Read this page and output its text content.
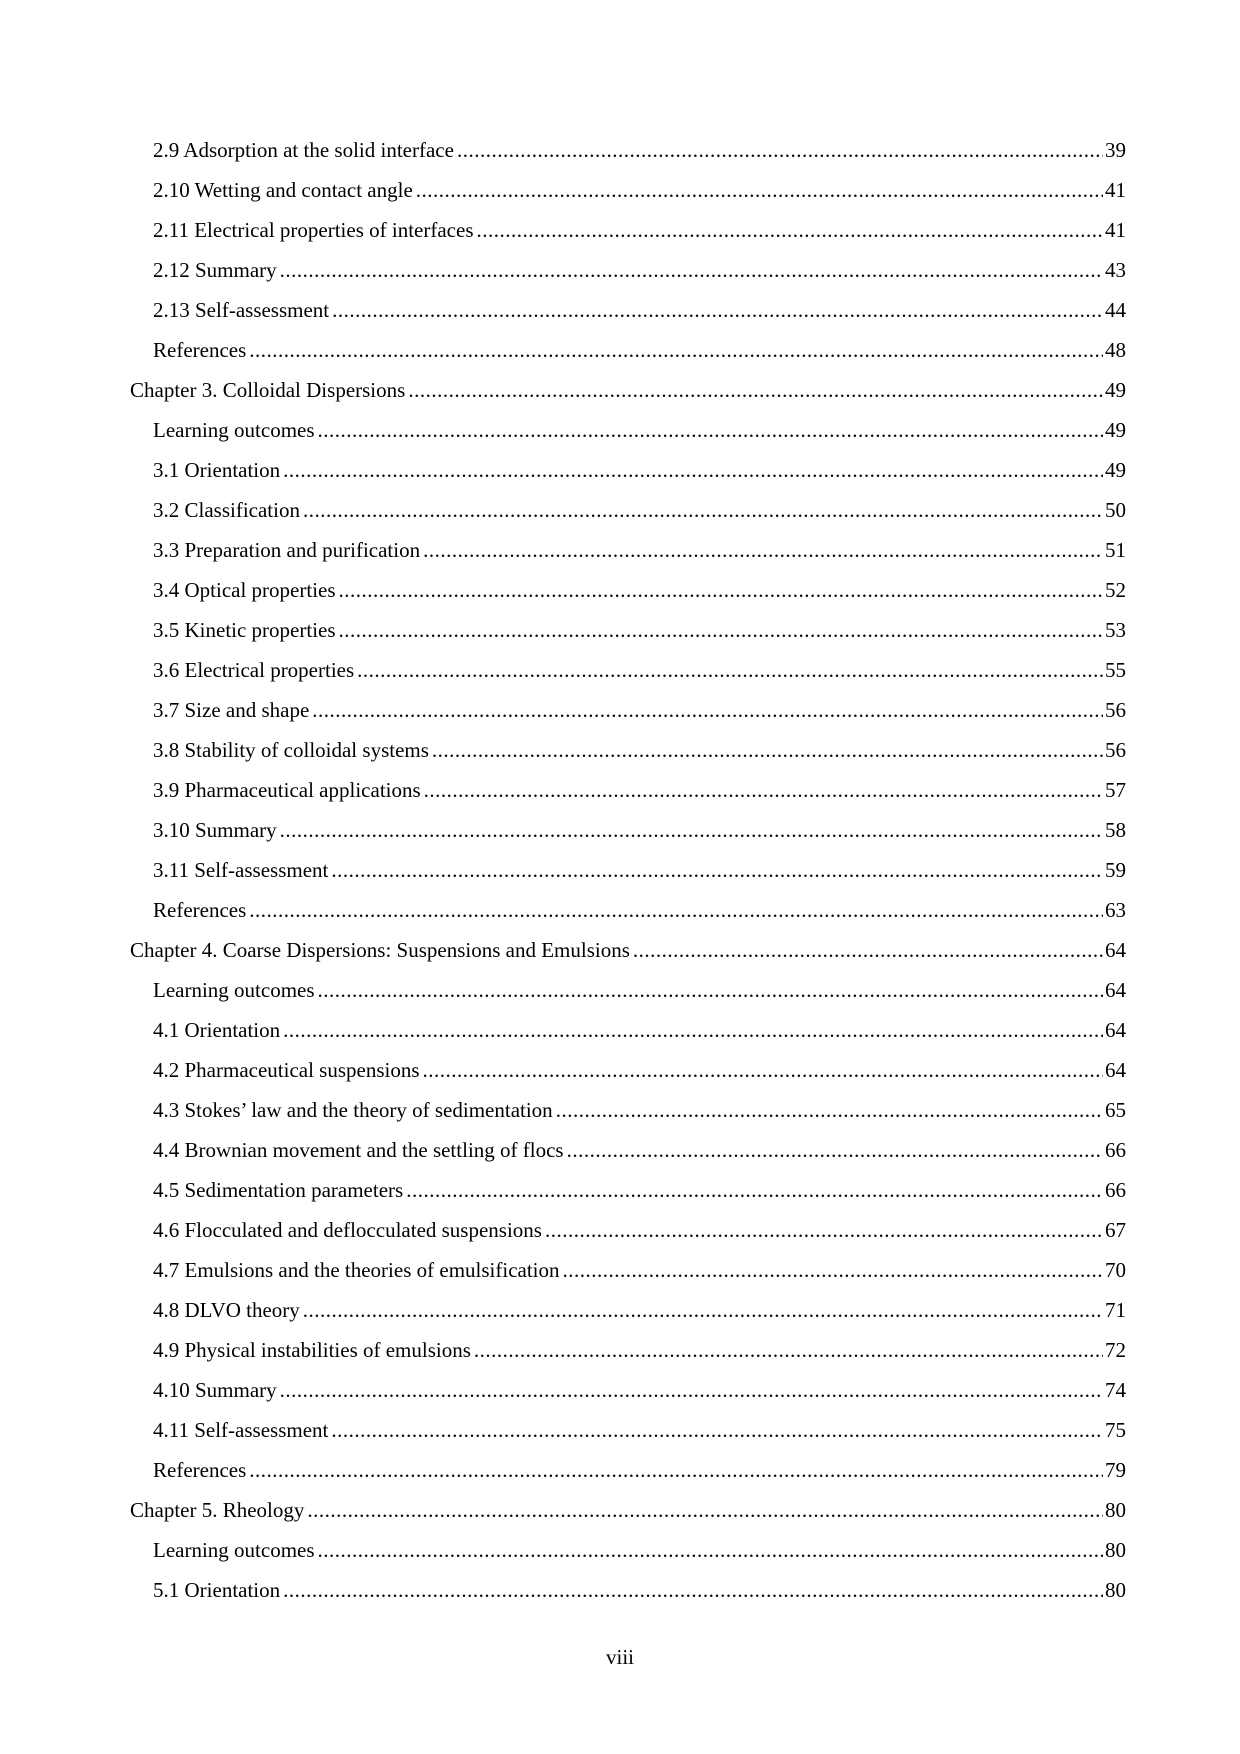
2.9 Adsorption at the solid interface .....	39
2.10 Wetting and contact angle .....	41
2.11 Electrical properties of interfaces .....	41
2.12 Summary .....	43
2.13 Self-assessment .....	44
References .....	48
Chapter 3. Colloidal Dispersions .....	49
Learning outcomes .....	49
3.1 Orientation .....	49
3.2 Classification .....	50
3.3 Preparation and purification .....	51
3.4 Optical properties .....	52
3.5 Kinetic properties .....	53
3.6 Electrical properties .....	55
3.7 Size and shape .....	56
3.8 Stability of colloidal systems .....	56
3.9 Pharmaceutical applications .....	57
3.10 Summary .....	58
3.11 Self-assessment .....	59
References .....	63
Chapter 4. Coarse Dispersions: Suspensions and Emulsions .....	64
Learning outcomes .....	64
4.1 Orientation .....	64
4.2 Pharmaceutical suspensions .....	64
4.3 Stokes’ law and the theory of sedimentation .....	65
4.4 Brownian movement and the settling of flocs .....	66
4.5 Sedimentation parameters .....	66
4.6 Flocculated and deflocculated suspensions .....	67
4.7 Emulsions and the theories of emulsification .....	70
4.8 DLVO theory .....	71
4.9 Physical instabilities of emulsions .....	72
4.10 Summary .....	74
4.11 Self-assessment .....	75
References .....	79
Chapter 5. Rheology .....	80
Learning outcomes .....	80
5.1 Orientation .....	80
viii
